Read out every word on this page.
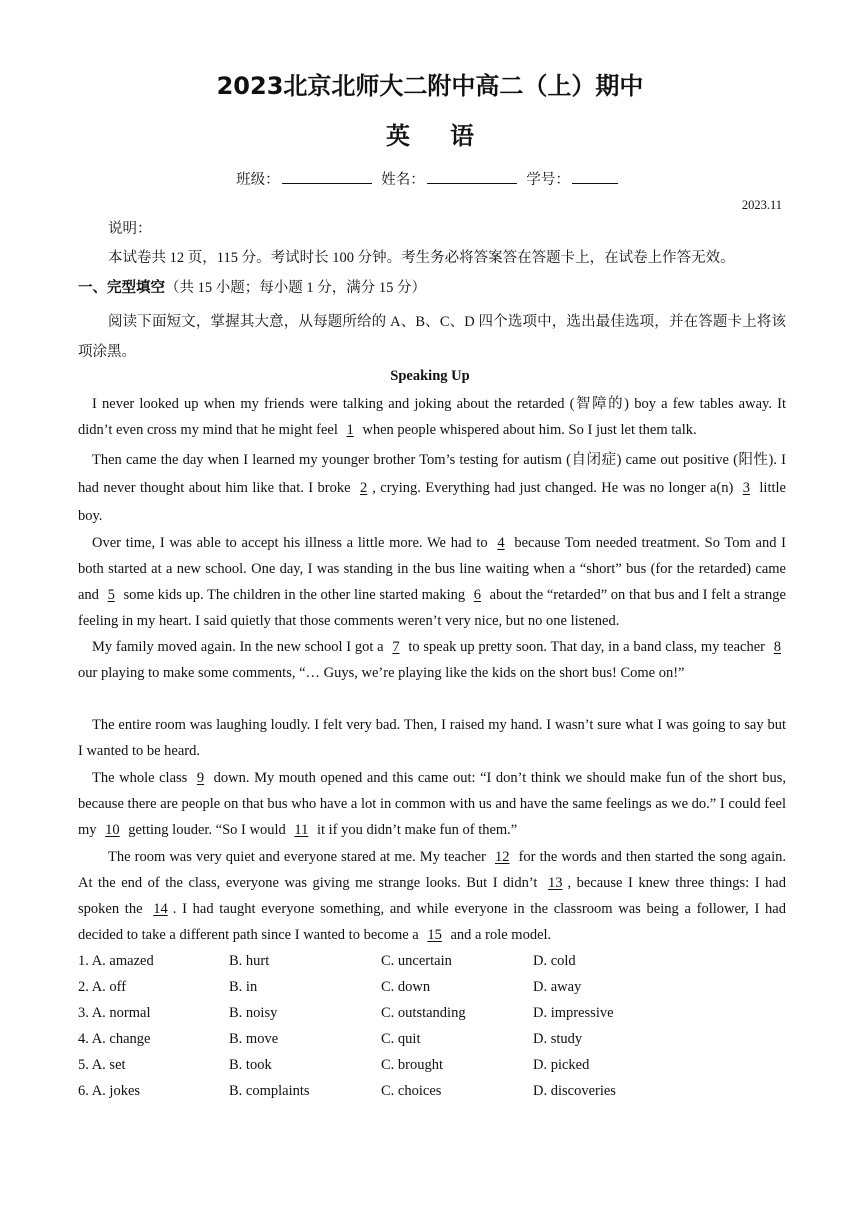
2023北京北师大二附中高二（上）期中
英语
班级：	姓名：	学号：
2023.11
说明：
本试卷共 12 页，115 分。考试时长 100 分钟。考生务必将答案答在答题卡上，在试卷上作答无效。
一、完型填空（共 15 小题；每小题 1 分，满分 15 分）
阅读下面短文，掌握其大意，从每题所给的 A、B、C、D 四个选项中，选出最佳选项，并在答题卡上将该项涂黑。
Speaking Up
I never looked up when my friends were talking and joking about the retarded (智障的) boy a few tables away. It didn’t even cross my mind that he might feel 1 when people whispered about him. So I just let them talk.
Then came the day when I learned my younger brother Tom’s testing for autism (自闭症) came out positive (阳性). I had never thought about him like that. I broke 2 , crying. Everything had just changed. He was no longer a(n) 3 little boy.
Over time, I was able to accept his illness a little more. We had to 4 because Tom needed treatment. So Tom and I both started at a new school. One day, I was standing in the bus line waiting when a “short” bus (for the retarded) came and 5 some kids up. The children in the other line started making 6 about the “retarded” on that bus and I felt a strange feeling in my heart. I said quietly that those comments weren’t very nice, but no one listened.
My family moved again. In the new school I got a 7 to speak up pretty soon. That day, in a band class, my teacher 8 our playing to make some comments, “… Guys, we’re playing like the kids on the short bus! Come on!”
The entire room was laughing loudly. I felt very bad. Then, I raised my hand. I wasn’t sure what I was going to say but I wanted to be heard.
The whole class 9 down. My mouth opened and this came out: “I don’t think we should make fun of the short bus, because there are people on that bus who have a lot in common with us and have the same feelings as we do.” I could feel my 10 getting louder. “So I would 11 it if you didn’t make fun of them.”
The room was very quiet and everyone stared at me. My teacher 12 for the words and then started the song again. At the end of the class, everyone was giving me strange looks. But I didn’t 13 , because I knew three things: I had spoken the 14 . I had taught everyone something, and while everyone in the classroom was being a follower, I had decided to take a different path since I wanted to become a 15 and a role model.
1. A. amazed	B. hurt	C. uncertain	D. cold
2. A. off	B. in	C. down	D. away
3. A. normal	B. noisy	C. outstanding	D. impressive
4. A. change	B. move	C. quit	D. study
5. A. set	B. took	C. brought	D. picked
6. A. jokes	B. complaints	C. choices	D. discoveries
